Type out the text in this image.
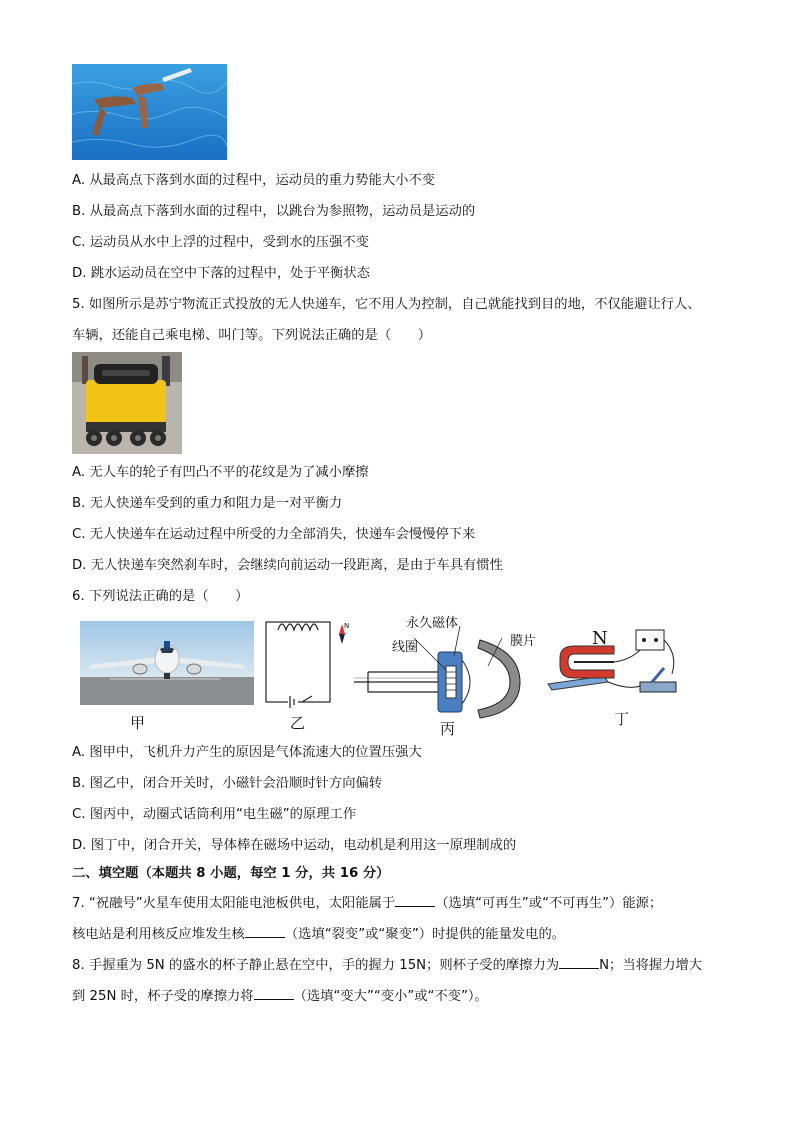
A. 从最高点下落到水面的过程中，运动员的重力势能大小不变
B. 从最高点下落到水面的过程中，以跳台为参照物，运动员是运动的
C. 运动员从水中上浮的过程中，受到水的压强不变
D. 跳水运动员在空中下落的过程中，处于平衡状态
5. 如图所示是苏宁物流正式投放的无人快递车，它不用人为控制，自己就能找到目的地，不仅能避让行人、
车辆，还能自己乘电梯、叫门等。下列说法正确的是（　　）
A. 无人车的轮子有凹凸不平的花纹是为了减小摩擦
B. 无人快递车受到的重力和阻力是一对平衡力
C. 无人快递车在运动过程中所受的力全部消失，快递车会慢慢停下来
D. 无人快递车突然刹车时，会继续向前运动一段距离，是由于车具有惯性
6. 下列说法正确的是（　　）
甲
N
乙
永久磁体
线圈	膜片
丙
N
丁
A. 图甲中，飞机升力产生的原因是气体流速大的位置压强大
B. 图乙中，闭合开关时，小磁针会沿顺时针方向偏转
C. 图丙中，动圈式话筒利用“电生磁”的原理工作
D. 图丁中，闭合开关，导体棒在磁场中运动，电动机是利用这一原理制成的
二、填空题（本题共 8 小题，每空 1 分，共 16 分）
7. “祝融号”火星车使用太阳能电池板供电，太阳能属于	（选填“可再生”或“不可再生”）能源；
核电站是利用核反应堆发生核	（选填“裂变”或“聚变”）时提供的能量发电的。
8. 手握重为 5N 的盛水的杯子静止悬在空中，手的握力 15N；则杯子受的摩擦力为	N；当将握力增大
到 25N 时，杯子受的摩擦力将	（选填“变大”“变小”或“不变”）。
